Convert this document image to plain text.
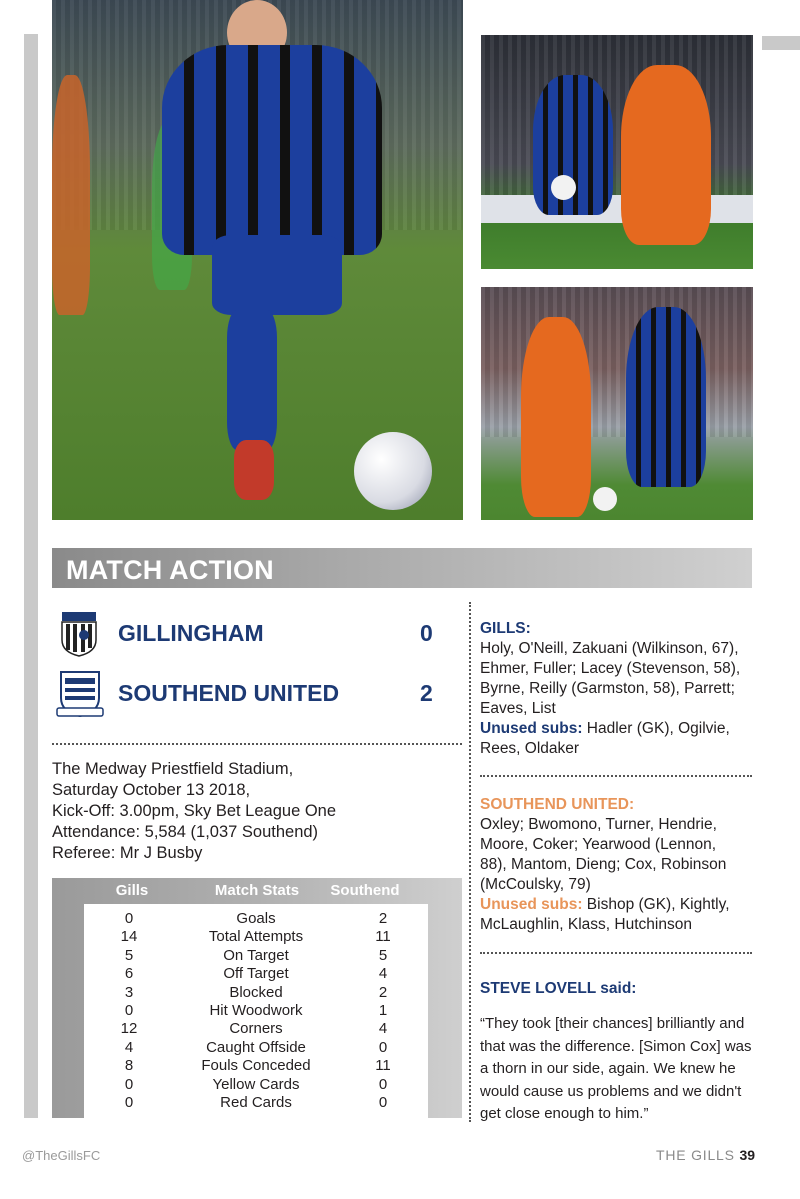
MATCH ACTION
GILLINGHAM	0
SOUTHEND UNITED	2
The Medway Priestfield Stadium,
Saturday October 13 2018,
Kick-Off: 3.00pm, Sky Bet League One
Attendance: 5,584 (1,037 Southend)
Referee: Mr J Busby
Gills	Match Stats	Southend
0	Goals	2
14	Total Attempts	11
5	On Target	5
6	Off Target	4
3	Blocked	2
0	Hit Woodwork	1
12	Corners	4
4	Caught Offside	0
8	Fouls Conceded	11
0	Yellow Cards	0
0	Red Cards	0
GILLS:
Holy, O'Neill, Zakuani (Wilkinson, 67),
Ehmer, Fuller; Lacey (Stevenson, 58),
Byrne, Reilly (Garmston, 58), Parrett;
Eaves, List
Unused subs: Hadler (GK), Ogilvie,
Rees, Oldaker
SOUTHEND UNITED:
Oxley; Bwomono, Turner, Hendrie,
Moore, Coker; Yearwood (Lennon,
88), Mantom, Dieng; Cox, Robinson
(McCoulsky, 79)
Unused subs: Bishop (GK), Kightly,
McLaughlin, Klass, Hutchinson
STEVE LOVELL said:
“They took [their chances] brilliantly and that was the difference. [Simon Cox] was a thorn in our side, again. We knew he would cause us problems and we didn't get close enough to him.”
@TheGillsFC	THE GILLS 39
